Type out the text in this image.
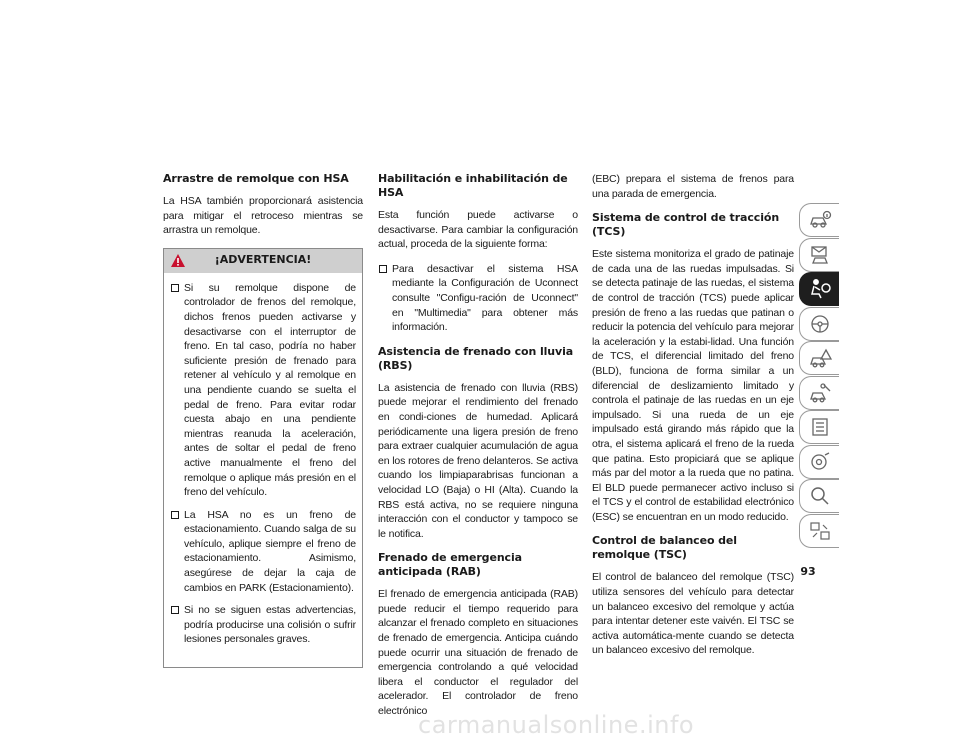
Arrastre de remolque con HSA

La HSA también proporcionará asistencia para mitigar el retroceso mientras se arrastra un remolque.

¡ADVERTENCIA!
Si su remolque dispone de controlador de frenos del remolque, dichos frenos pueden activarse y desactivarse con el interruptor de freno. En tal caso, podría no haber suficiente presión de frenado para retener al vehículo y al remolque en una pendiente cuando se suelta el pedal de freno. Para evitar rodar cuesta abajo en una pendiente mientras reanuda la aceleración, antes de soltar el pedal de freno active manualmente el freno del remolque o aplique más presión en el freno del vehículo.
La HSA no es un freno de estacionamiento. Cuando salga de su vehículo, aplique siempre el freno de estacionamiento. Asimismo, asegúrese de dejar la caja de cambios en PARK (Estacionamiento).
Si no se siguen estas advertencias, podría producirse una colisión o sufrir lesiones personales graves.
Habilitación e inhabilitación de HSA

Esta función puede activarse o desactivarse. Para cambiar la configuración actual, proceda de la siguiente forma:

Para desactivar el sistema HSA mediante la Configuración de Uconnect consulte "Configu-ración de Uconnect" en "Multimedia" para obtener más información.
Asistencia de frenado con lluvia (RBS)

La asistencia de frenado con lluvia (RBS) puede mejorar el rendimiento del frenado en condi-ciones de humedad. Aplicará periódicamente una ligera presión de freno para extraer cualquier acumulación de agua en los rotores de freno delanteros. Se activa cuando los limpiaparabrisas funcionan a velocidad LO (Baja) o HI (Alta). Cuando la RBS está activa, no se requiere ninguna interacción con el conductor y tampoco se le notifica.

Frenado de emergencia anticipada (RAB)

El frenado de emergencia anticipada (RAB) puede reducir el tiempo requerido para alcanzar el frenado completo en situaciones de frenado de emergencia. Anticipa cuándo puede ocurrir una situación de frenado de emergencia controlando a qué velocidad libera el conductor el regulador del acelerador. El controlador de freno electrónico

(EBC) prepara el sistema de frenos para una parada de emergencia.

Sistema de control de tracción (TCS)

Este sistema monitoriza el grado de patinaje de cada una de las ruedas impulsadas. Si se detecta patinaje de las ruedas, el sistema de control de tracción (TCS) puede aplicar presión de freno a las ruedas que patinan o reducir la potencia del vehículo para mejorar la aceleración y la estabi-lidad. Una función de TCS, el diferencial limitado del freno (BLD), funciona de forma similar a un diferencial de deslizamiento limitado y controla el patinaje de las ruedas en un eje impulsado. Si una rueda de un eje impulsado está girando más rápido que la otra, el sistema aplicará el freno de la rueda que patina. Esto propiciará que se aplique más par del motor a la rueda que no patina. El BLD puede permanecer activo incluso si el TCS y el control de estabilidad electrónico (ESC) se encuentran en un modo reducido.

Control de balanceo del remolque (TSC)

El control de balanceo del remolque (TSC) utiliza sensores del vehículo para detectar un balanceo excesivo del remolque y actúa para intentar detener este vaivén. El TSC se activa automática-mente cuando se detecta un balanceo excesivo del remolque.

93
carmanualsonline.info
